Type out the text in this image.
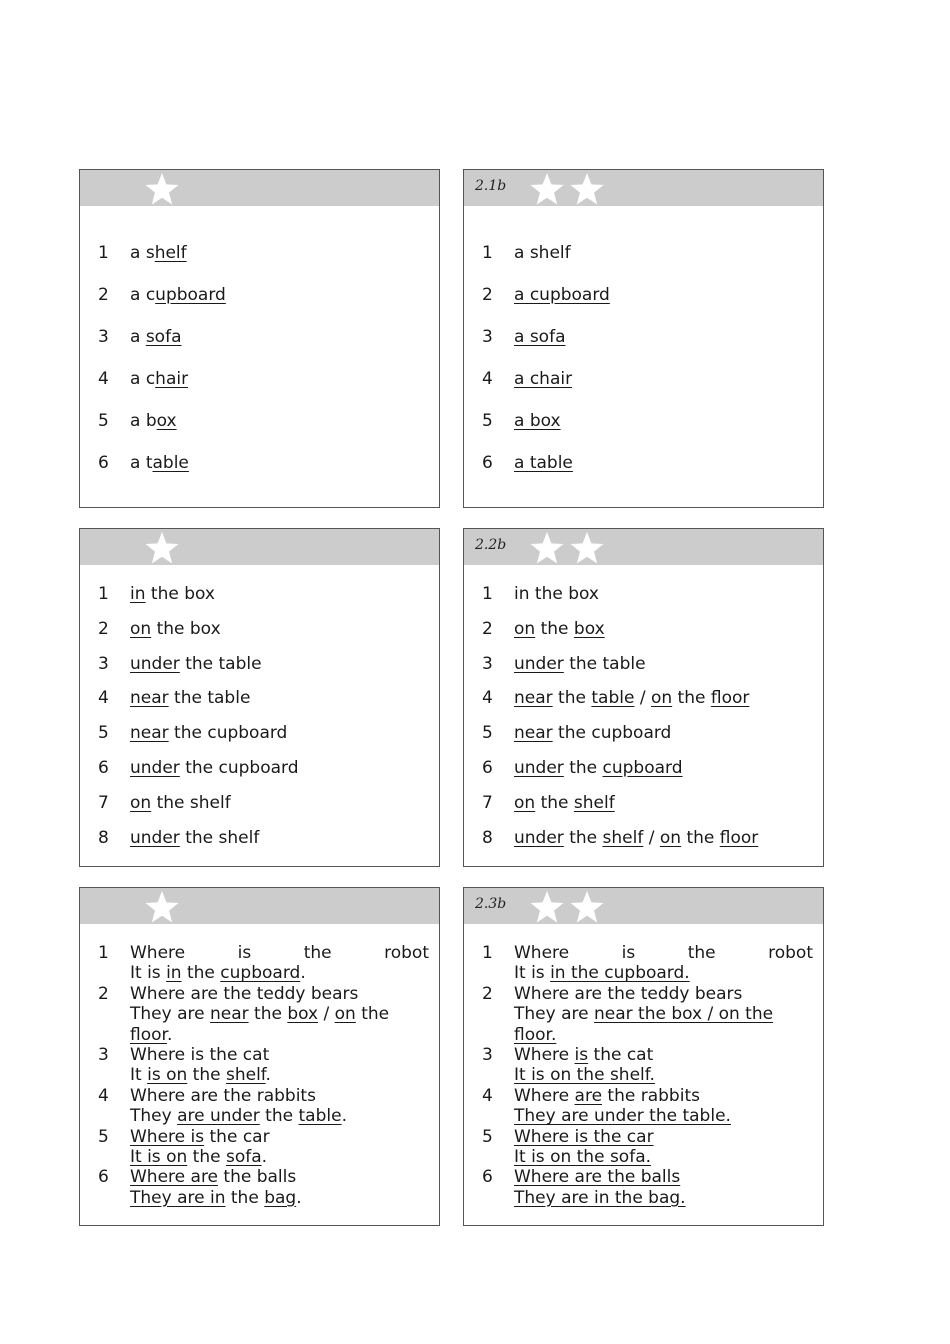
1 a shelf
2 a cupboard
3 a sofa
4 a chair
5 a box
6 a table
2.1b
1 a shelf
2 a cupboard
3 a sofa
4 a chair
5 a box
6 a table
1 in the box
2 on the box
3 under the table
4 near the table
5 near the cupboard
6 under the cupboard
7 on the shelf
8 under the shelf
2.2b
1 in the box
2 on the box
3 under the table
4 near the table / on the floor
5 near the cupboard
6 under the cupboard
7 on the shelf
8 under the shelf / on the floor
1 Where	is	the	robot
It is in the cupboard.
2 Where are the teddy bears
They are near the box / on the
floor.
3 Where is the cat
It is on the shelf.
4 Where are the rabbits
They are under the table.
5 Where is the car
It is on the sofa.
6 Where are the balls
They are in the bag.
2.3b
1 Where	is	the	robot
It is in the cupboard.
2 Where are the teddy bears
They are near the box / on the
floor.
3 Where is the cat
It is on the shelf.
4 Where are the rabbits
They are under the table.
5 Where is the car
It is on the sofa.
6 Where are the balls
They are in the bag.
